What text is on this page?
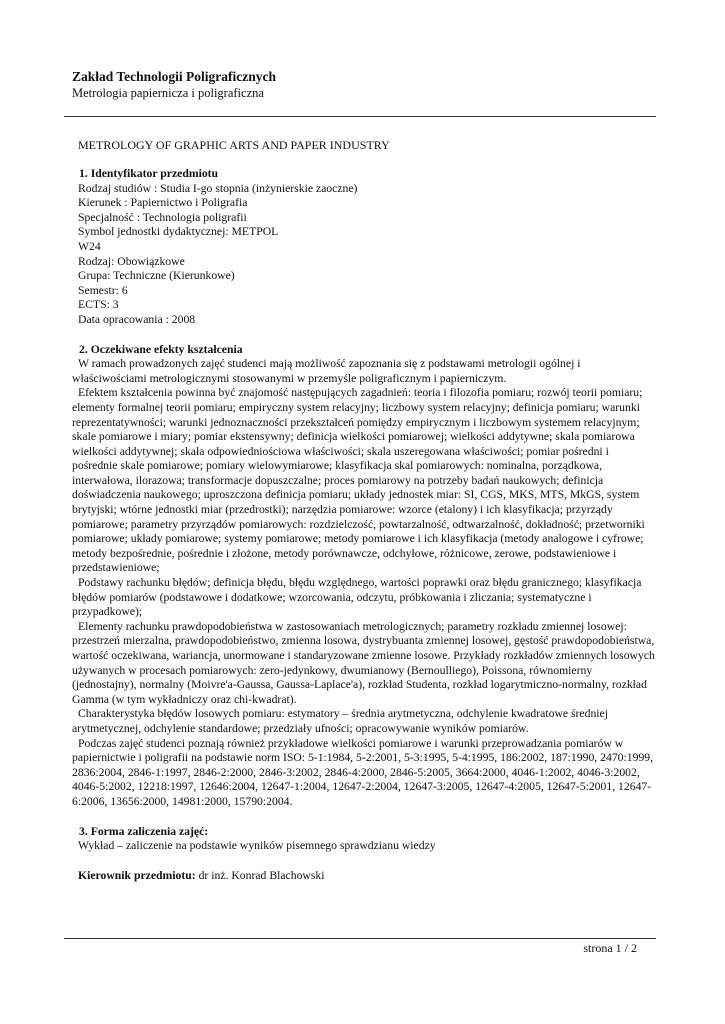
Zakład Technologii Poligraficznych
Metrologia papiernicza i poligraficzna
METROLOGY OF GRAPHIC ARTS AND PAPER INDUSTRY
1. Identyfikator przedmiotu
Rodzaj studiów : Studia I-go stopnia (inżynierskie zaoczne)
Kierunek : Papiernictwo i Poligrafia
Specjalność : Technologia poligrafii
Symbol jednostki dydaktycznej: METPOL
W24
Rodzaj: Obowiązkowe
Grupa: Techniczne (Kierunkowe)
Semestr: 6
ECTS: 3
Data opracowania : 2008
2. Oczekiwane efekty kształcenia
W ramach prowadzonych zajęć studenci mają możliwość zapoznania się z podstawami metrologii ogólnej i właściwościami metrologicznymi stosowanymi w przemyśle poligraficznym i papierniczym.
Efektem kształcenia powinna być znajomość następujących zagadnień: teoria i filozofia pomiaru; rozwój teorii pomiaru; elementy formalnej teorii pomiaru; empiryczny system relacyjny; liczbowy system relacyjny; definicja pomiaru; warunki reprezentatywności; warunki jednoznaczności przekształceń pomiędzy empirycznym i liczbowym systemem relacyjnym; skale pomiarowe i miary; pomiar ekstensywny; definicja wielkości pomiarowej; wielkości addytywne; skala pomiarowa wielkości addytywnej; skała odpowiedniościowa właściwości; skala uszeregowana właściwości; pomiar pośredni i pośrednie skale pomiarowe; pomiary wielowymiarowe; klasyfikacja skal pomiarowych: nominalna, porządkowa, interwałowa, ilorazowa; transformacje dopuszczalne; proces pomiarowy na potrzeby badań naukowych; definicja doświadczenia naukowego; uproszczona definicja pomiaru; układy jednostek miar: SI, CGS, MKS, MTS, MkGS, system brytyjski; wtórne jednostki miar (przedrostki); narzędzia pomiarowe: wzorce (etalony) i ich klasyfikacja; przyrządy pomiarowe; parametry przyrządów pomiarowych: rozdzielczość, powtarzalność, odtwarzalność, dokładność; przetworniki pomiarowe; układy pomiarowe; systemy pomiarowe; metody pomiarowe i ich klasyfikacja (metody analogowe i cyfrowe; metody bezpośrednie, pośrednie i złożone, metody porównawcze, odchyłowe, różnicowe, zerowe, podstawieniowe i przedstawieniowe;
Podstawy rachunku błędów; definicja błędu, błędu względnego, wartości poprawki oraz błędu granicznego; klasyfikacja błędów pomiarów (podstawowe i dodatkowe; wzorcowania, odczytu, próbkowania i zliczania; systematyczne i przypadkowe);
Elementy rachunku prawdopodobieństwa w zastosowaniach metrologicznych; parametry rozkładu zmiennej losowej: przestrzeń mierzalna, prawdopodobieństwo, zmienna losowa, dystrybuanta zmiennej losowej, gęstość prawdopodobieństwa, wartość oczekiwana, wariancja, unormowane i standaryzowane zmienne losowe. Przykłady rozkładów zmiennych losowych używanych w procesach pomiarowych: zero-jedynkowy, dwumianowy (Bernoulliego), Poissona, równomierny (jednostajny), normalny (Moivre'a-Gaussa, Gaussa-Laplace'a), rozkład Studenta, rozkład logarytmiczno-normalny, rozkład Gamma (w tym wykładniczy oraz chi-kwadrat).
Charakterystyka błędów losowych pomiaru: estymatory – średnia arytmetyczna, odchylenie kwadratowe średniej arytmetycznej, odchylenie standardowe; przedziały ufności; opracowywanie wyników pomiarów.
Podczas zajęć studenci poznają również przykładowe wielkości pomiarowe i warunki przeprowadzania pomiarów w papiernictwie i poligrafii na podstawie norm ISO: 5-1:1984, 5-2:2001, 5-3:1995, 5-4:1995, 186:2002, 187:1990, 2470:1999, 2836:2004, 2846-1:1997, 2846-2:2000, 2846-3:2002, 2846-4:2000, 2846-5:2005, 3664:2000, 4046-1:2002, 4046-3:2002, 4046-5:2002, 12218:1997, 12646:2004, 12647-1:2004, 12647-2:2004, 12647-3:2005, 12647-4:2005, 12647-5:2001, 12647-6:2006, 13656:2000, 14981:2000, 15790:2004.
3. Forma zaliczenia zajęć:
Wykład – zaliczenie na podstawie wyników pisemnego sprawdzianu wiedzy
Kierownik przedmiotu: dr inż. Konrad Blachowski
strona 1 / 2
